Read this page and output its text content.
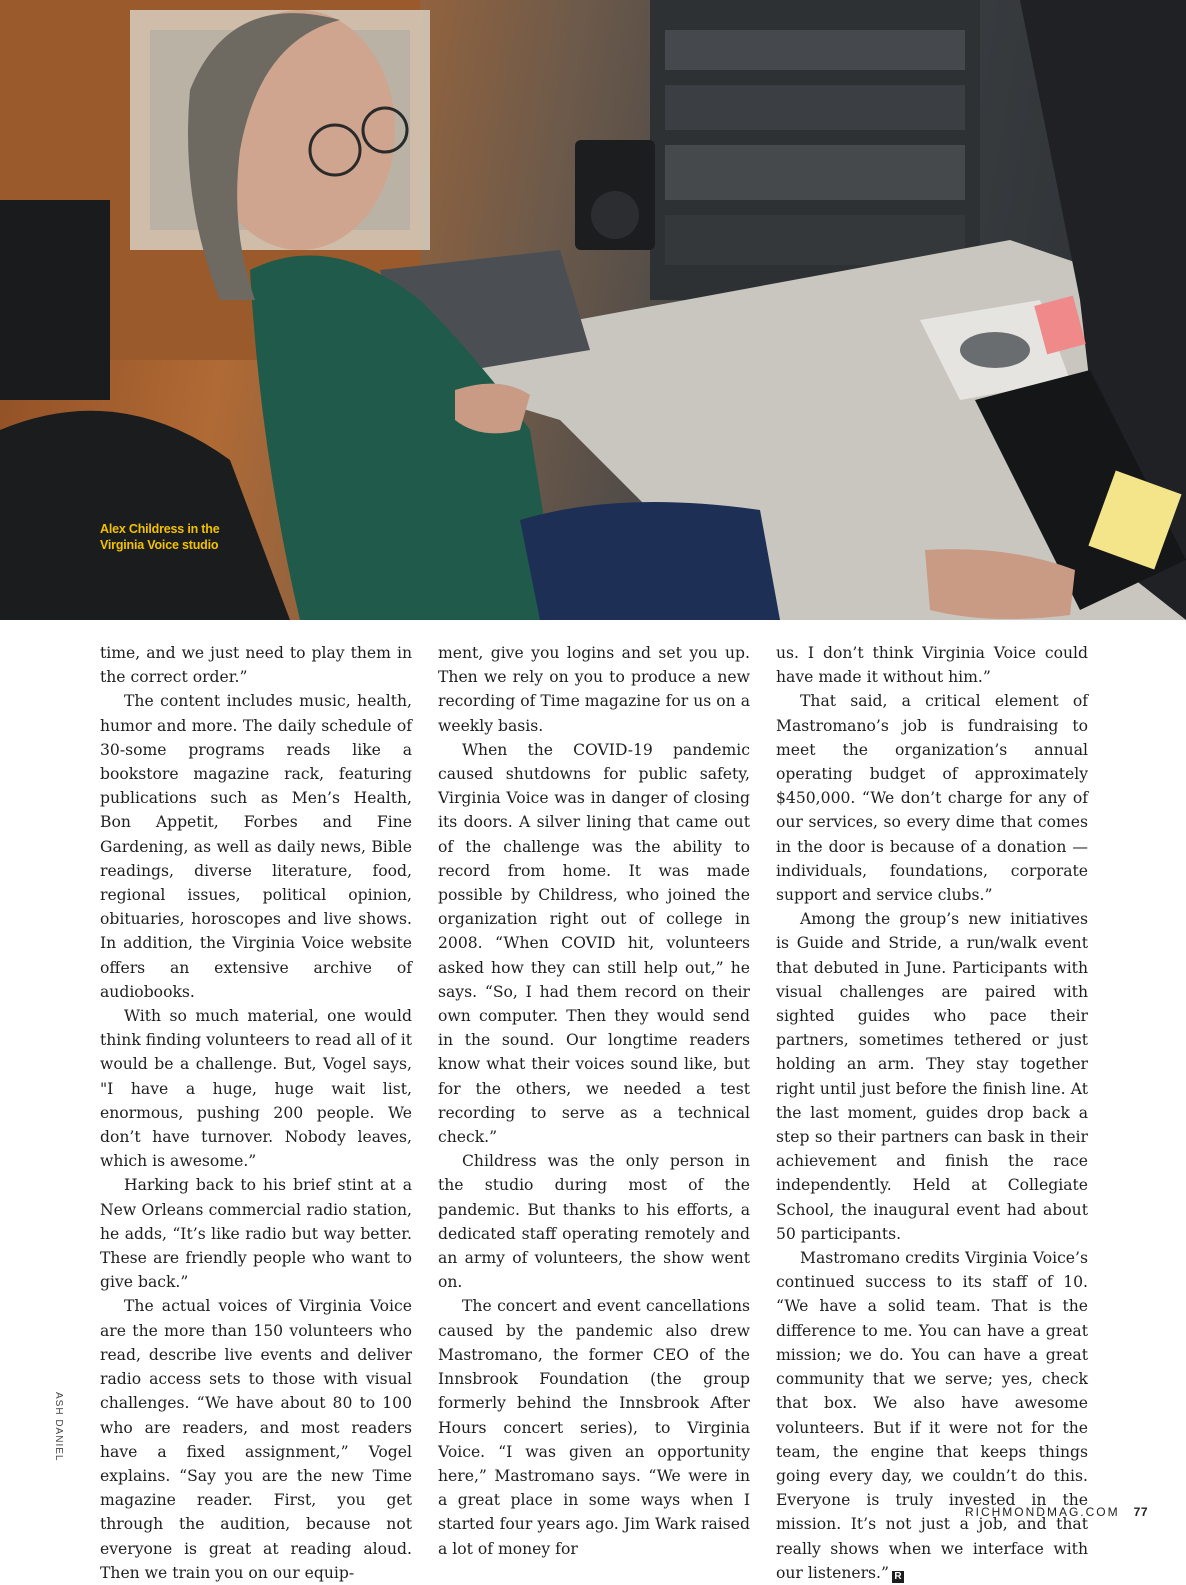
Alex Childress in the
Virginia Voice studio
ASH DANIEL

time, and we just need to play them in the correct order.”

The content includes music, health, humor and more. The daily schedule of 30-some programs reads like a bookstore magazine rack, featuring publications such as Men’s Health, Bon Appetit, Forbes and Fine Gardening, as well as daily news, Bible readings, diverse literature, food, regional issues, political opinion, obituaries, horoscopes and live shows. In addition, the Virginia Voice website offers an extensive archive of audiobooks.

With so much material, one would think finding volunteers to read all of it would be a challenge. But, Vogel says, "I have a huge, huge wait list, enormous, pushing 200 people. We don’t have turnover. Nobody leaves, which is awesome.”

Harking back to his brief stint at a New Orleans commercial radio station, he adds, “It’s like radio but way better. These are friendly people who want to give back.”

The actual voices of Virginia Voice are the more than 150 volunteers who read, describe live events and deliver radio access sets to those with visual challenges. “We have about 80 to 100 who are readers, and most readers have a fixed assignment,” Vogel explains. “Say you are the new Time magazine reader. First, you get through the audition, because not everyone is great at reading aloud. Then we train you on our equip-

ment, give you logins and set you up. Then we rely on you to produce a new recording of Time magazine for us on a weekly basis.

When the COVID-19 pandemic caused shutdowns for public safety, Virginia Voice was in danger of closing its doors. A silver lining that came out of the challenge was the ability to record from home. It was made possible by Childress, who joined the organization right out of college in 2008. “When COVID hit, volunteers asked how they can still help out,” he says. “So, I had them record on their own computer. Then they would send in the sound. Our longtime readers know what their voices sound like, but for the others, we needed a test recording to serve as a technical check.”

Childress was the only person in the studio during most of the pandemic. But thanks to his efforts, a dedicated staff operating remotely and an army of volunteers, the show went on.

The concert and event cancellations caused by the pandemic also drew Mastromano, the former CEO of the Innsbrook Foundation (the group formerly behind the Innsbrook After Hours concert series), to Virginia Voice. “I was given an opportunity here,” Mastromano says. “We were in a great place in some ways when I started four years ago. Jim Wark raised a lot of money for

us. I don’t think Virginia Voice could have made it without him.”

That said, a critical element of Mastromano’s job is fundraising to meet the organization’s annual operating budget of approximately $450,000. “We don’t charge for any of our services, so every dime that comes in the door is because of a donation — individuals, foundations, corporate support and service clubs.”

Among the group’s new initiatives is Guide and Stride, a run/walk event that debuted in June. Participants with visual challenges are paired with sighted guides who pace their partners, sometimes tethered or just holding an arm. They stay together right until just before the finish line. At the last moment, guides drop back a step so their partners can bask in their achievement and finish the race independently. Held at Collegiate School, the inaugural event had about 50 participants.

Mastromano credits Virginia Voice’s continued success to its staff of 10. “We have a solid team. That is the difference to me. You can have a great mission; we do. You can have a great community that we serve; yes, check that box. We also have awesome volunteers. But if it were not for the team, the engine that keeps things going every day, we couldn’t do this. Everyone is truly invested in the mission. It’s not just a job, and that really shows when we interface with our listeners.” R

RICHMONDMAG.COM 77
